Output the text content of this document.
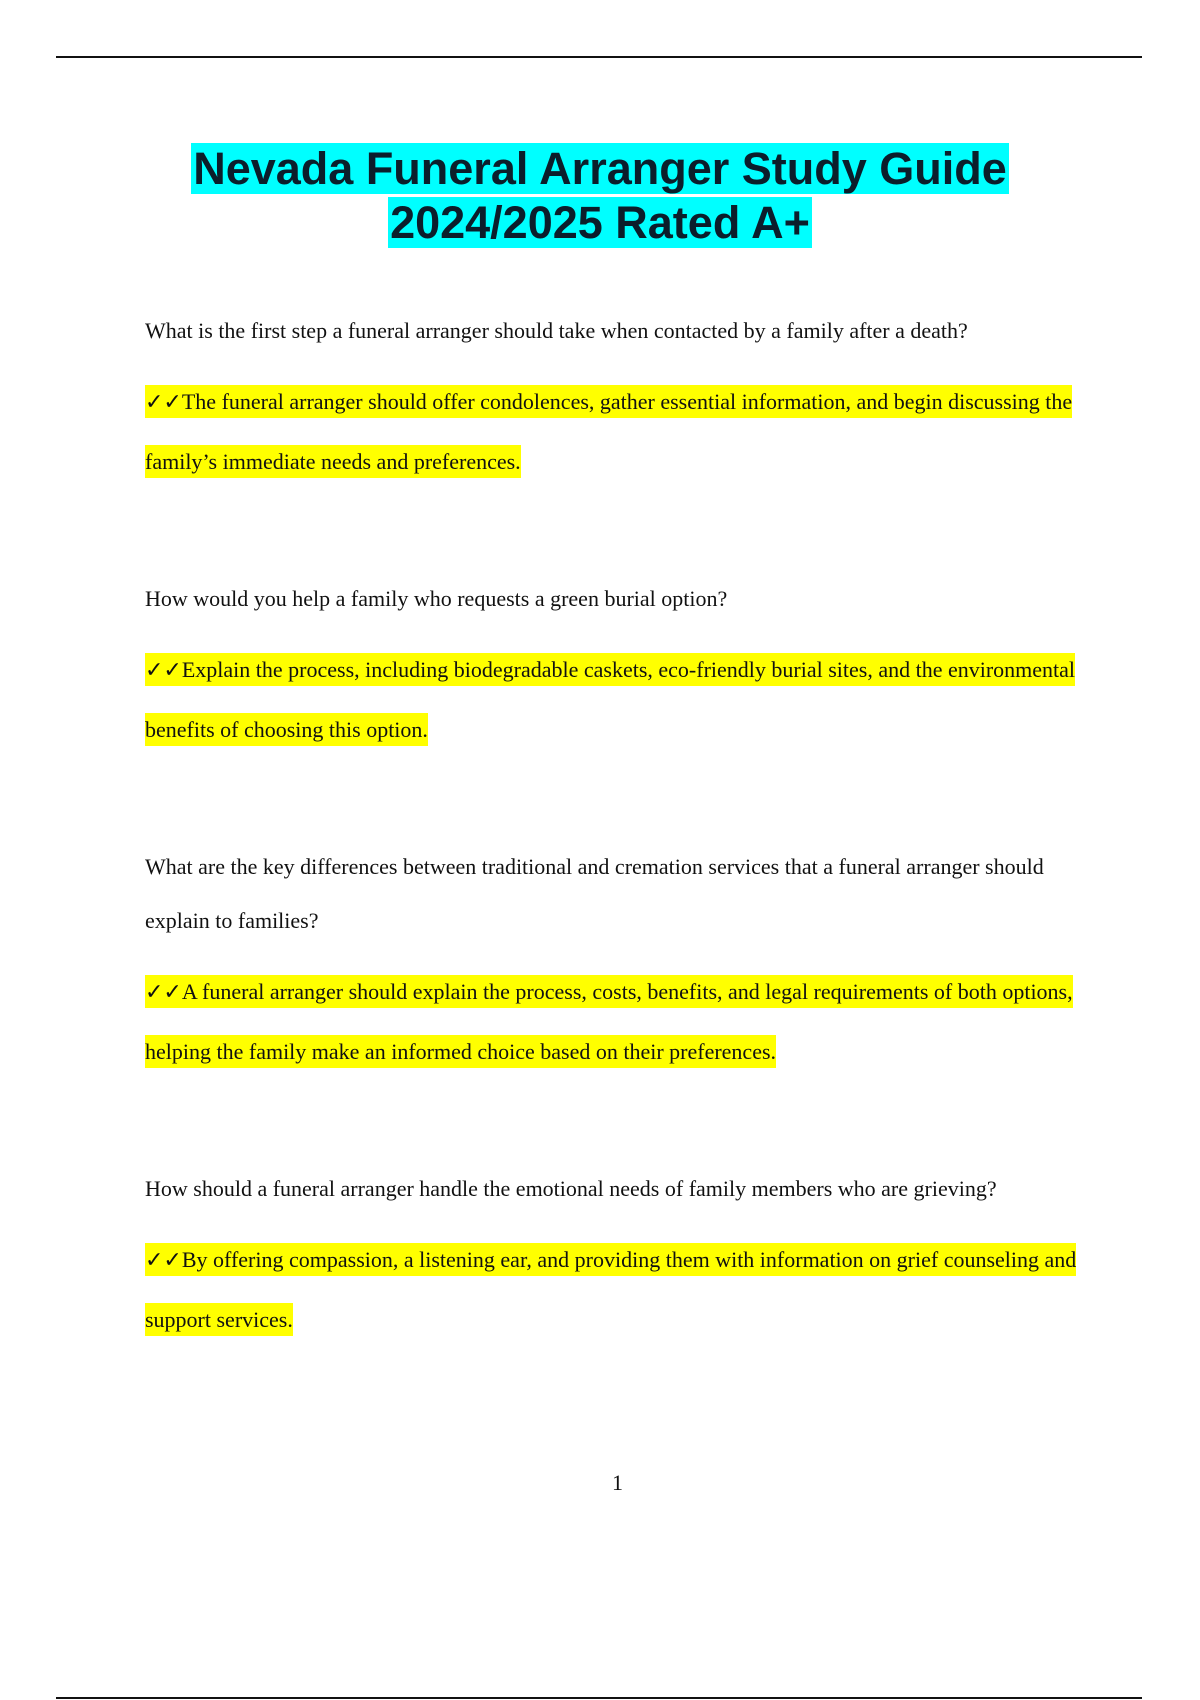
Nevada Funeral Arranger Study Guide
2024/2025 Rated A+

What is the first step a funeral arranger should take when contacted by a family after a death?

✓✓The funeral arranger should offer condolences, gather essential information, and begin discussing the family’s immediate needs and preferences.

How would you help a family who requests a green burial option?

✓✓Explain the process, including biodegradable caskets, eco-friendly burial sites, and the environmental benefits of choosing this option.

What are the key differences between traditional and cremation services that a funeral arranger should explain to families?

✓✓A funeral arranger should explain the process, costs, benefits, and legal requirements of both options, helping the family make an informed choice based on their preferences.

How should a funeral arranger handle the emotional needs of family members who are grieving?

✓✓By offering compassion, a listening ear, and providing them with information on grief counseling and support services.

1
